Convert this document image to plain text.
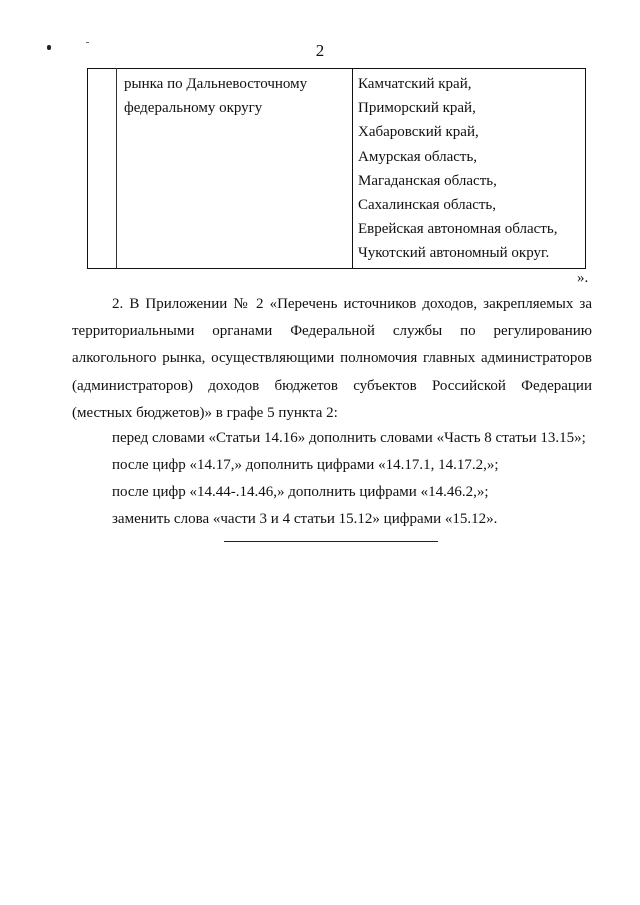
2
рынка по Дальневосточному
федеральному округу
Камчатский край,
Приморский край,
Хабаровский край,
Амурская область,
Магаданская область,
Сахалинская область,
Еврейская автономная область,
Чукотский автономный округ.
».
2. В Приложении № 2 «Перечень источников доходов, закрепляемых за
территориальными органами Федеральной службы по регулированию
алкогольного рынка, осуществляющими полномочия главных администраторов
(администраторов) доходов бюджетов субъектов Российской Федерации
(местных бюджетов)» в графе 5 пункта 2:
перед словами «Статьи 14.16» дополнить словами «Часть 8 статьи 13.15»;
после цифр «14.17,» дополнить цифрами «14.17.1, 14.17.2,»;
после цифр «14.44-.14.46,» дополнить цифрами «14.46.2,»;
заменить слова «части 3 и 4 статьи 15.12» цифрами «15.12».
